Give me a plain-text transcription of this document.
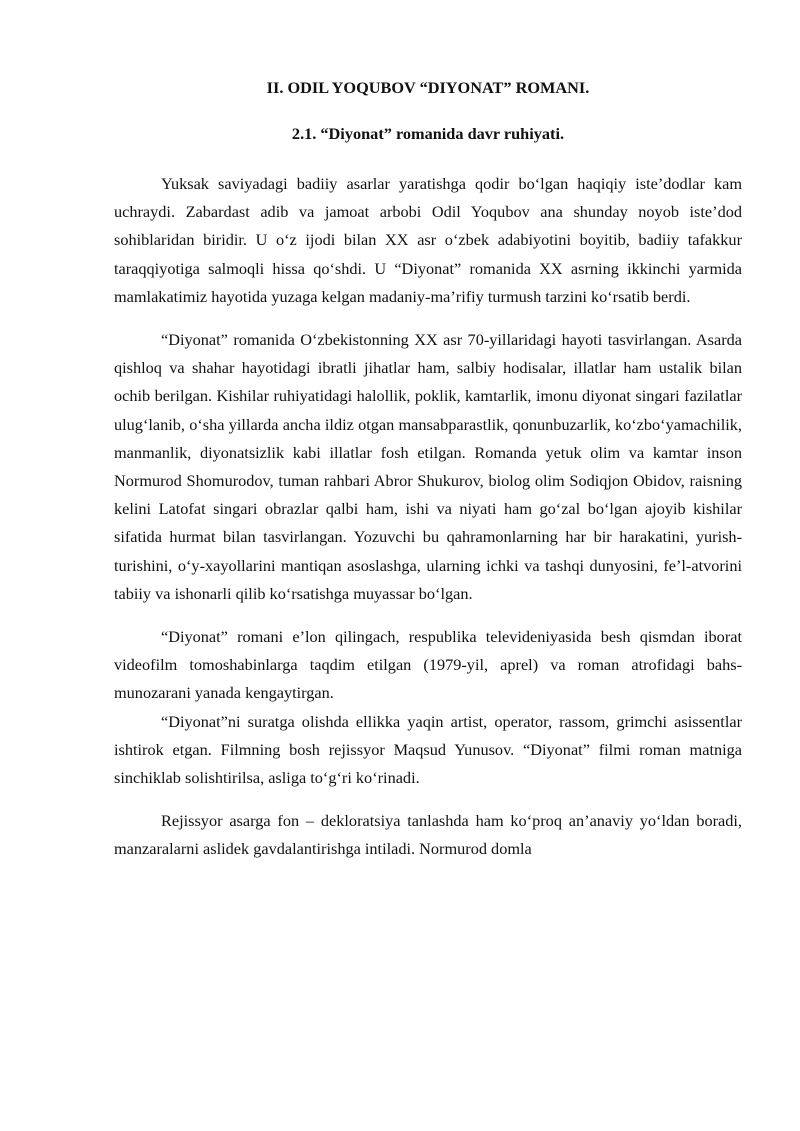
II. ODIL YOQUBOV “DIYONAT” ROMANI.
2.1. “Diyonat” romanida davr ruhiyati.

Yuksak saviyadagi badiiy asarlar yaratishga qodir bo‘lgan haqiqiy iste’dodlar kam uchraydi. Zabardast adib va jamoat arbobi Odil Yoqubov ana shunday noyob iste’dod sohiblaridan biridir. U o‘z ijodi bilan XX asr o‘zbek adabiyotini boyitib, badiiy tafakkur taraqqiyotiga salmoqli hissa qo‘shdi. U “Diyonat” romanida XX asrning ikkinchi yarmida mamlakatimiz hayotida yuzaga kelgan madaniy-ma’rifiy turmush tarzini ko‘rsatib berdi.

“Diyonat” romanida O‘zbekistonning XX asr 70-yillaridagi hayoti tasvirlangan. Asarda qishloq va shahar hayotidagi ibratli jihatlar ham, salbiy hodisalar, illatlar ham ustalik bilan ochib berilgan. Kishilar ruhiyatidagi halollik, poklik, kamtarlik, imonu diyonat singari fazilatlar ulug‘lanib, o‘sha yillarda ancha ildiz otgan mansabparastlik, qonunbuzarlik, ko‘zbo‘yamachilik, manmanlik, diyonatsizlik kabi illatlar fosh etilgan. Romanda yetuk olim va kamtar inson Normurod Shomurodov, tuman rahbari Abror Shukurov, biolog olim Sodiqjon Obidov, raisning kelini Latofat singari obrazlar qalbi ham, ishi va niyati ham go‘zal bo‘lgan ajoyib kishilar sifatida hurmat bilan tasvirlangan. Yozuvchi bu qahramonlarning har bir harakatini, yurish-turishini, o‘y-xayollarini mantiqan asoslashga, ularning ichki va tashqi dunyosini, fe’l-atvorini tabiiy va ishonarli qilib ko‘rsatishga muyassar bo‘lgan.

“Diyonat” romani e’lon qilingach, respublika televideniyasida besh qismdan iborat videofilm tomoshabinlarga taqdim etilgan (1979-yil, aprel) va roman atrofidagi bahs-munozarani yanada kengaytirgan.

“Diyonat”ni suratga olishda ellikka yaqin artist, operator, rassom, grimchi asissentlar ishtirok etgan. Filmning bosh rejissyor Maqsud Yunusov. “Diyonat” filmi roman matniga sinchiklab solishtirilsa, asliga to‘g‘ri ko‘rinadi.

Rejissyor asarga fon – dekloratsiya tanlashda ham ko‘proq an’anaviy yo‘ldan boradi, manzaralarni aslidek gavdalantirishga intiladi. Normurod domla
